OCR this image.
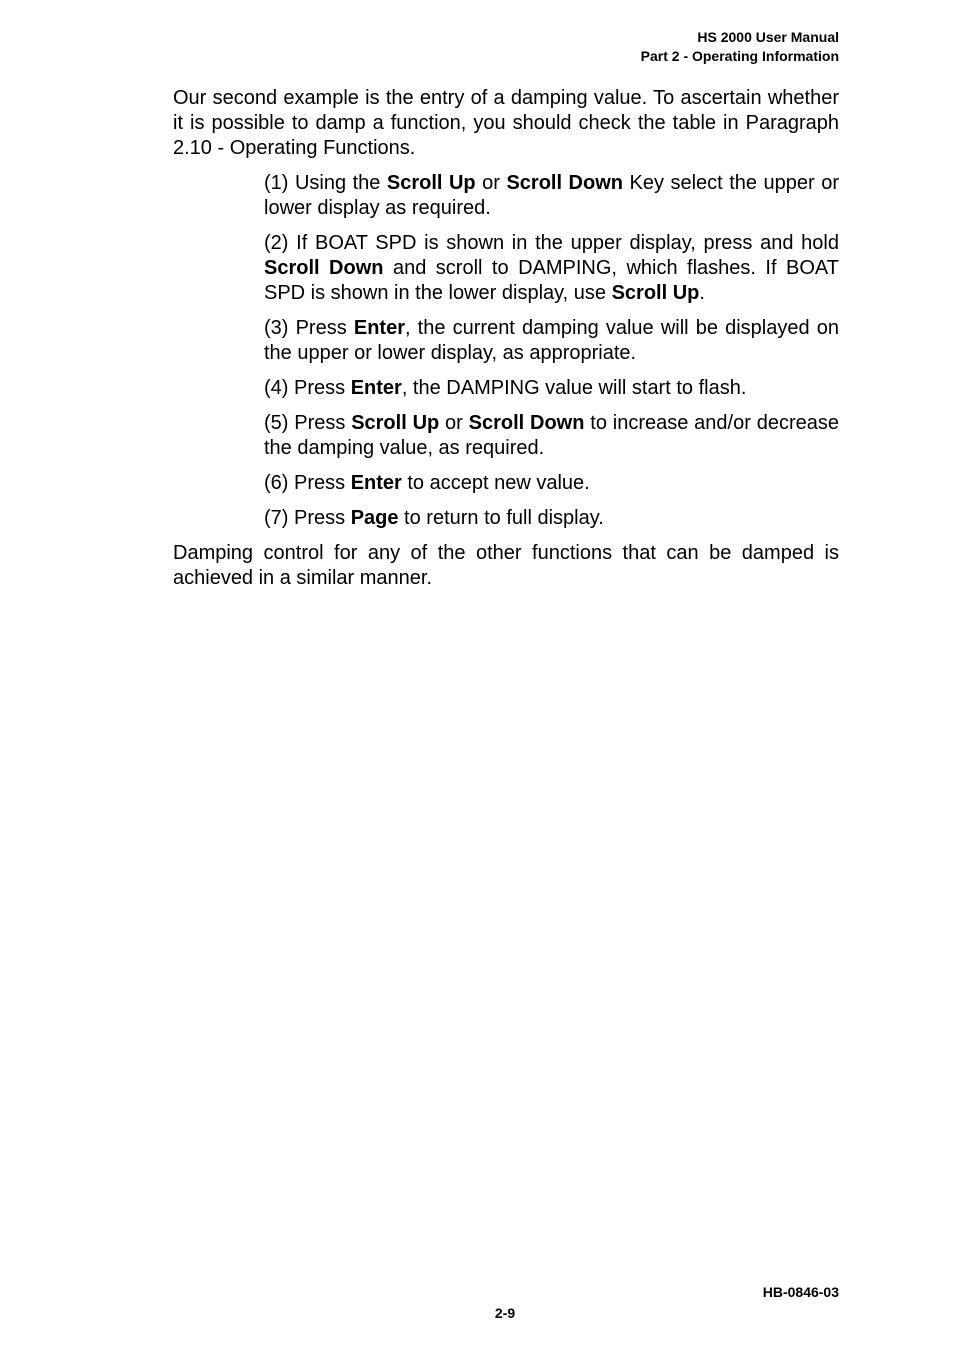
HS 2000 User Manual
Part 2 - Operating Information

Our second example is the entry of a damping value. To ascertain whether it is possible to damp a function, you should check the table in Paragraph 2.10 - Operating Functions.

(1) Using the Scroll Up or Scroll Down Key select the upper or lower display as required.
(2) If BOAT SPD is shown in the upper display, press and hold Scroll Down and scroll to DAMPING, which flashes. If BOAT SPD is shown in the lower display, use Scroll Up.
(3) Press Enter, the current damping value will be displayed on the upper or lower display, as appropriate.
(4) Press Enter, the DAMPING value will start to flash.
(5) Press Scroll Up or Scroll Down to increase and/or decrease the damping value, as required.
(6) Press Enter to accept new value.
(7) Press Page to return to full display.

Damping control for any of the other functions that can be damped is achieved in a similar manner.

HB-0846-03
2-9
